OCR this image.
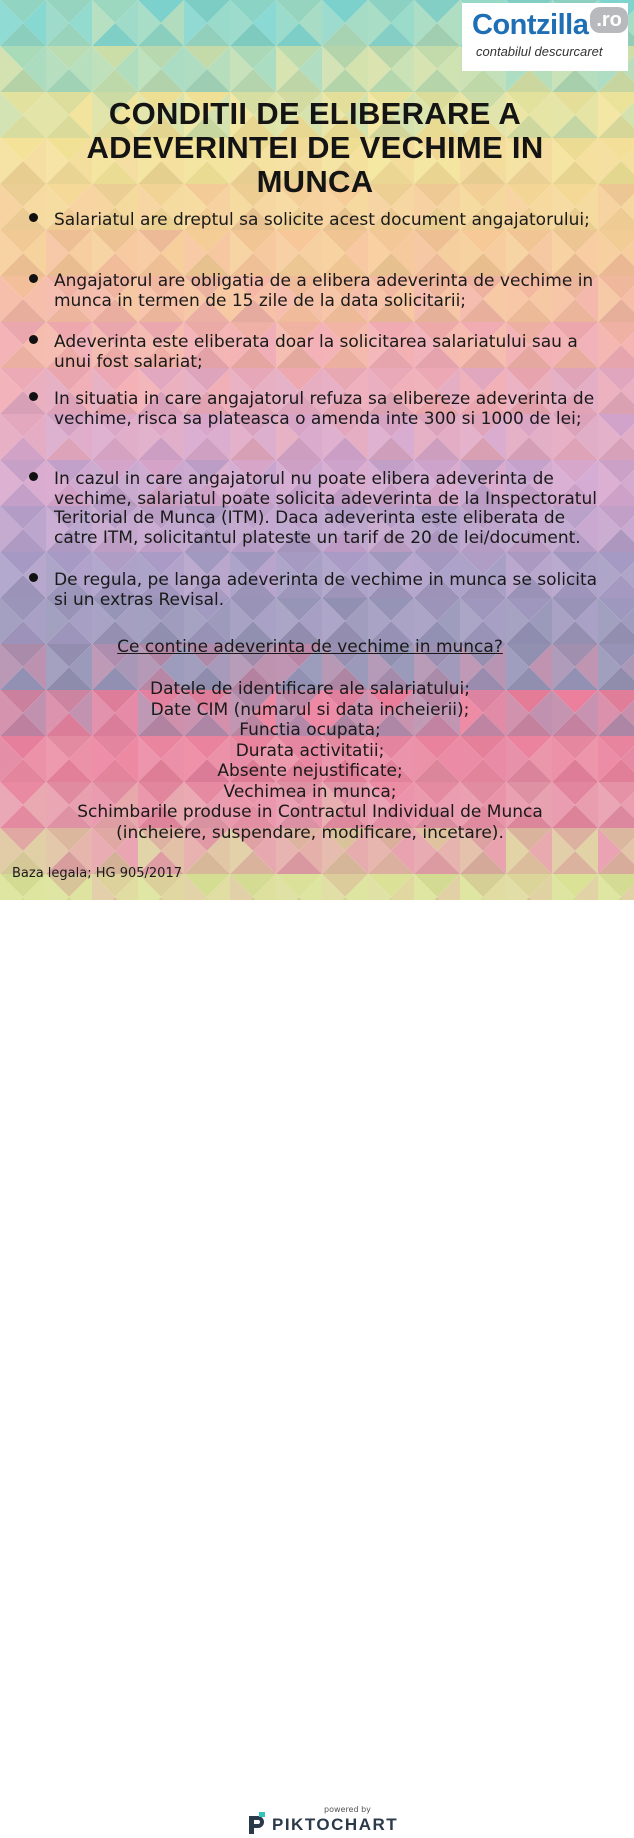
Contzilla .ro
contabilul descurcaret
CONDITII DE ELIBERARE A ADEVERINTEI DE VECHIME IN MUNCA
Salariatul are dreptul sa solicite acest document angajatorului;
Angajatorul are obligatia de a elibera adeverinta de vechime in munca in termen de 15 zile de la data solicitarii;
Adeverinta este eliberata doar la solicitarea salariatului sau a unui fost salariat;
In situatia in care angajatorul refuza sa elibereze adeverinta de vechime, risca sa plateasca o amenda inte 300 si 1000 de lei;
In cazul in care angajatorul nu poate elibera adeverinta de vechime, salariatul poate solicita adeverinta de la Inspectoratul Teritorial de Munca (ITM). Daca adeverinta este eliberata de catre ITM, solicitantul plateste un tarif de 20 de lei/document.
De regula, pe langa adeverinta de vechime in munca se solicita si un extras Revisal.
Ce contine adeverinta de vechime in munca?
Datele de identificare ale salariatului;
Date CIM (numarul si data incheierii);
Functia ocupata;
Durata activitatii;
Absente nejustificate;
Vechimea in munca;
Schimbarile produse in Contractul Individual de Munca (incheiere, suspendare, modificare, incetare).
Baza legala; HG 905/2017
powered by
PIKTOCHART
